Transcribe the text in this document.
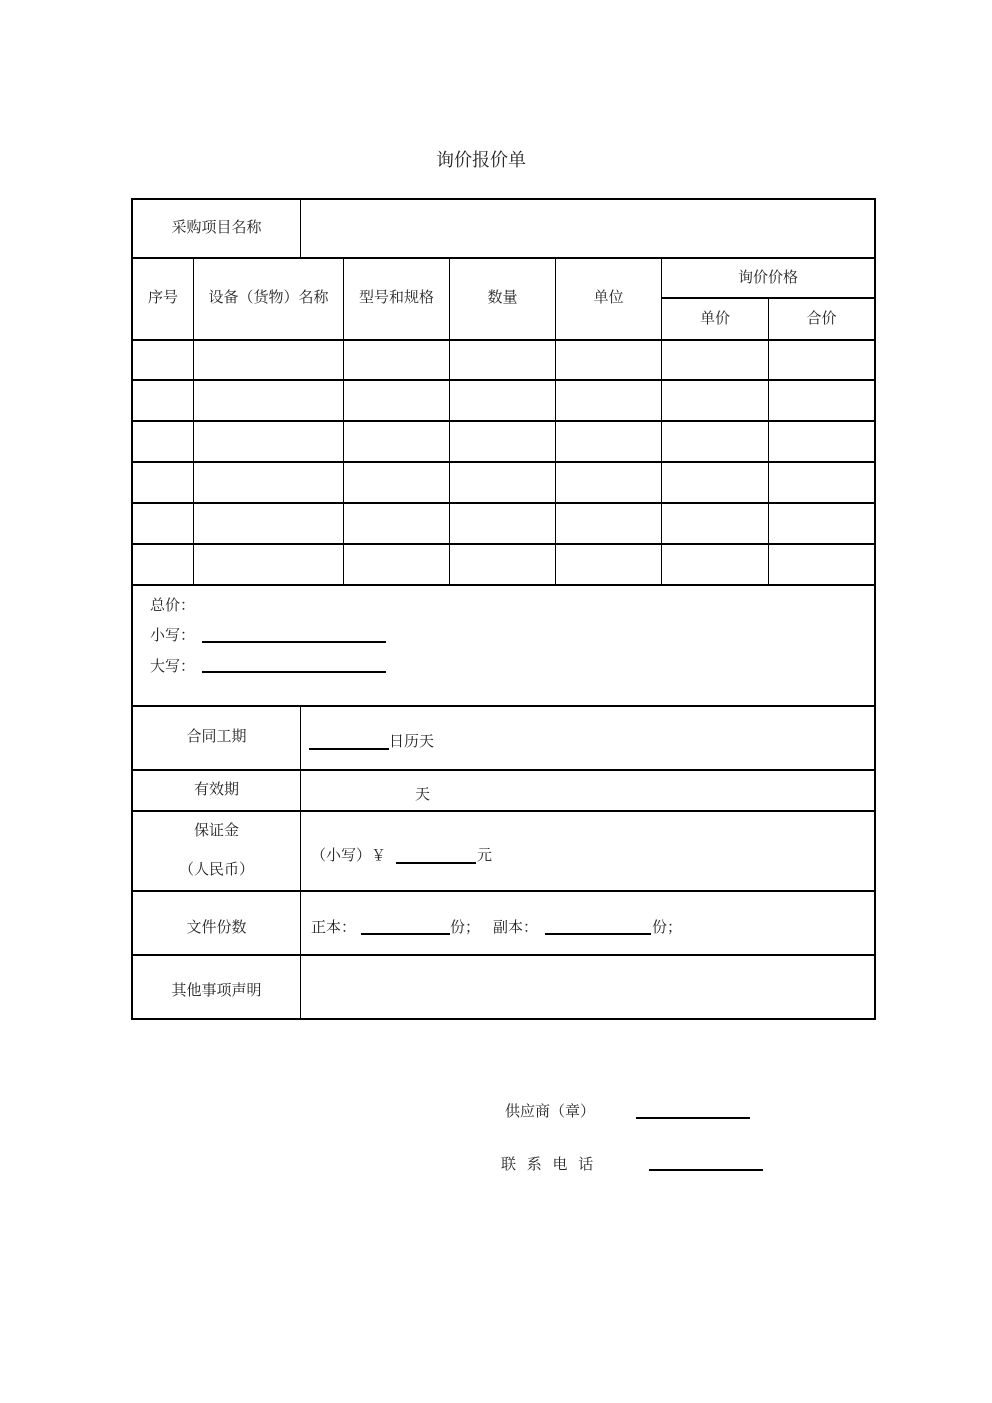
询价报价单
采购项目名称
序号	设备（货物）名称	型号和规格	数量	单位
询价价格
单价	合价
总价：
小写：
大写：
合同工期	日历天
有效期	天
保证金
（人民币）
（小写）￥	元
文件份数	正本：	份； 副本：	份；
其他事项声明
供应商（章）
联 系 电 话
